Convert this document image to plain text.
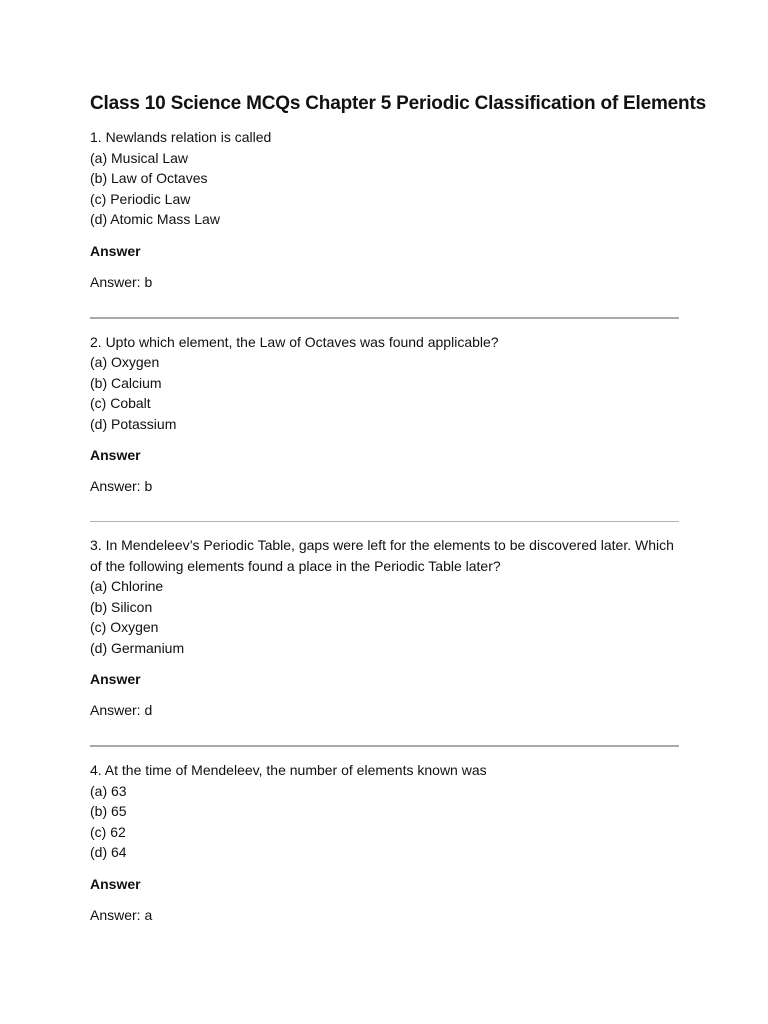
Class 10 Science MCQs Chapter 5 Periodic Classification of Elements

1. Newlands relation is called

(a) Musical Law

(b) Law of Octaves

(c) Periodic Law

(d) Atomic Mass Law

Answer
Answer: b

2. Upto which element, the Law of Octaves was found applicable?

(a) Oxygen

(b) Calcium

(c) Cobalt

(d) Potassium

Answer
Answer: b

3. In Mendeleev’s Periodic Table, gaps were left for the elements to be discovered later. Which of the following elements found a place in the Periodic Table later?

(a) Chlorine

(b) Silicon

(c) Oxygen

(d) Germanium

Answer
Answer: d

4. At the time of Mendeleev, the number of elements known was

(a) 63

(b) 65

(c) 62

(d) 64

Answer
Answer: a
